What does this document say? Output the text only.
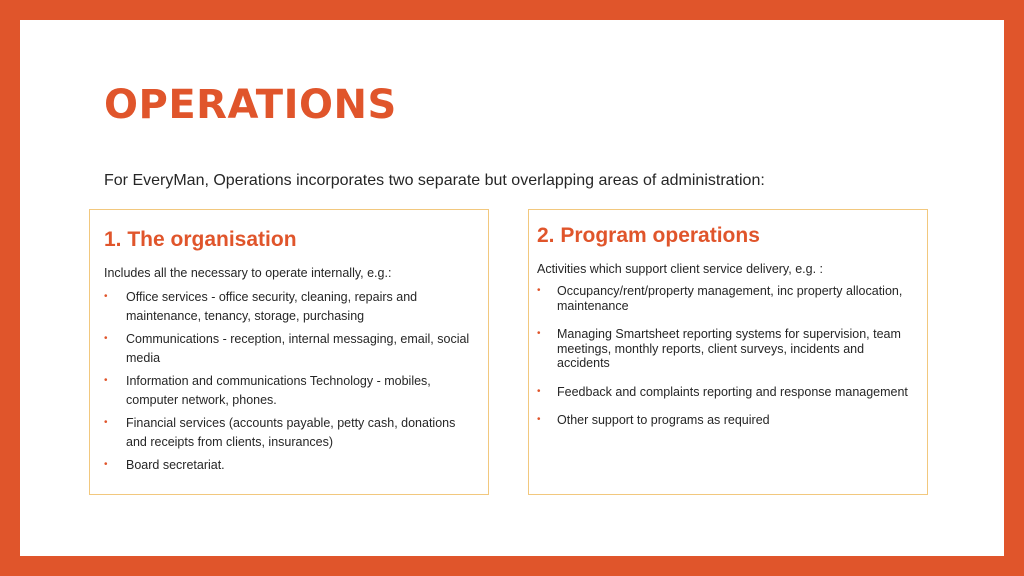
OPERATIONS

For EveryMan, Operations incorporates two separate but overlapping areas of administration:

1. The organisation

Includes all the necessary to operate internally, e.g.:

• Office services - office security, cleaning, repairs and maintenance, tenancy, storage, purchasing
• Communications - reception, internal messaging, email, social media
• Information and communications Technology - mobiles, computer network, phones.
• Financial services (accounts payable, petty cash, donations and receipts from clients, insurances)
• Board secretariat.
2. Program operations

Activities which support client service delivery, e.g. :

• Occupancy/rent/property management, inc property allocation, maintenance
• Managing Smartsheet reporting systems for supervision, team meetings, monthly reports, client surveys, incidents and accidents
• Feedback and complaints reporting and response management
• Other support to programs as required
